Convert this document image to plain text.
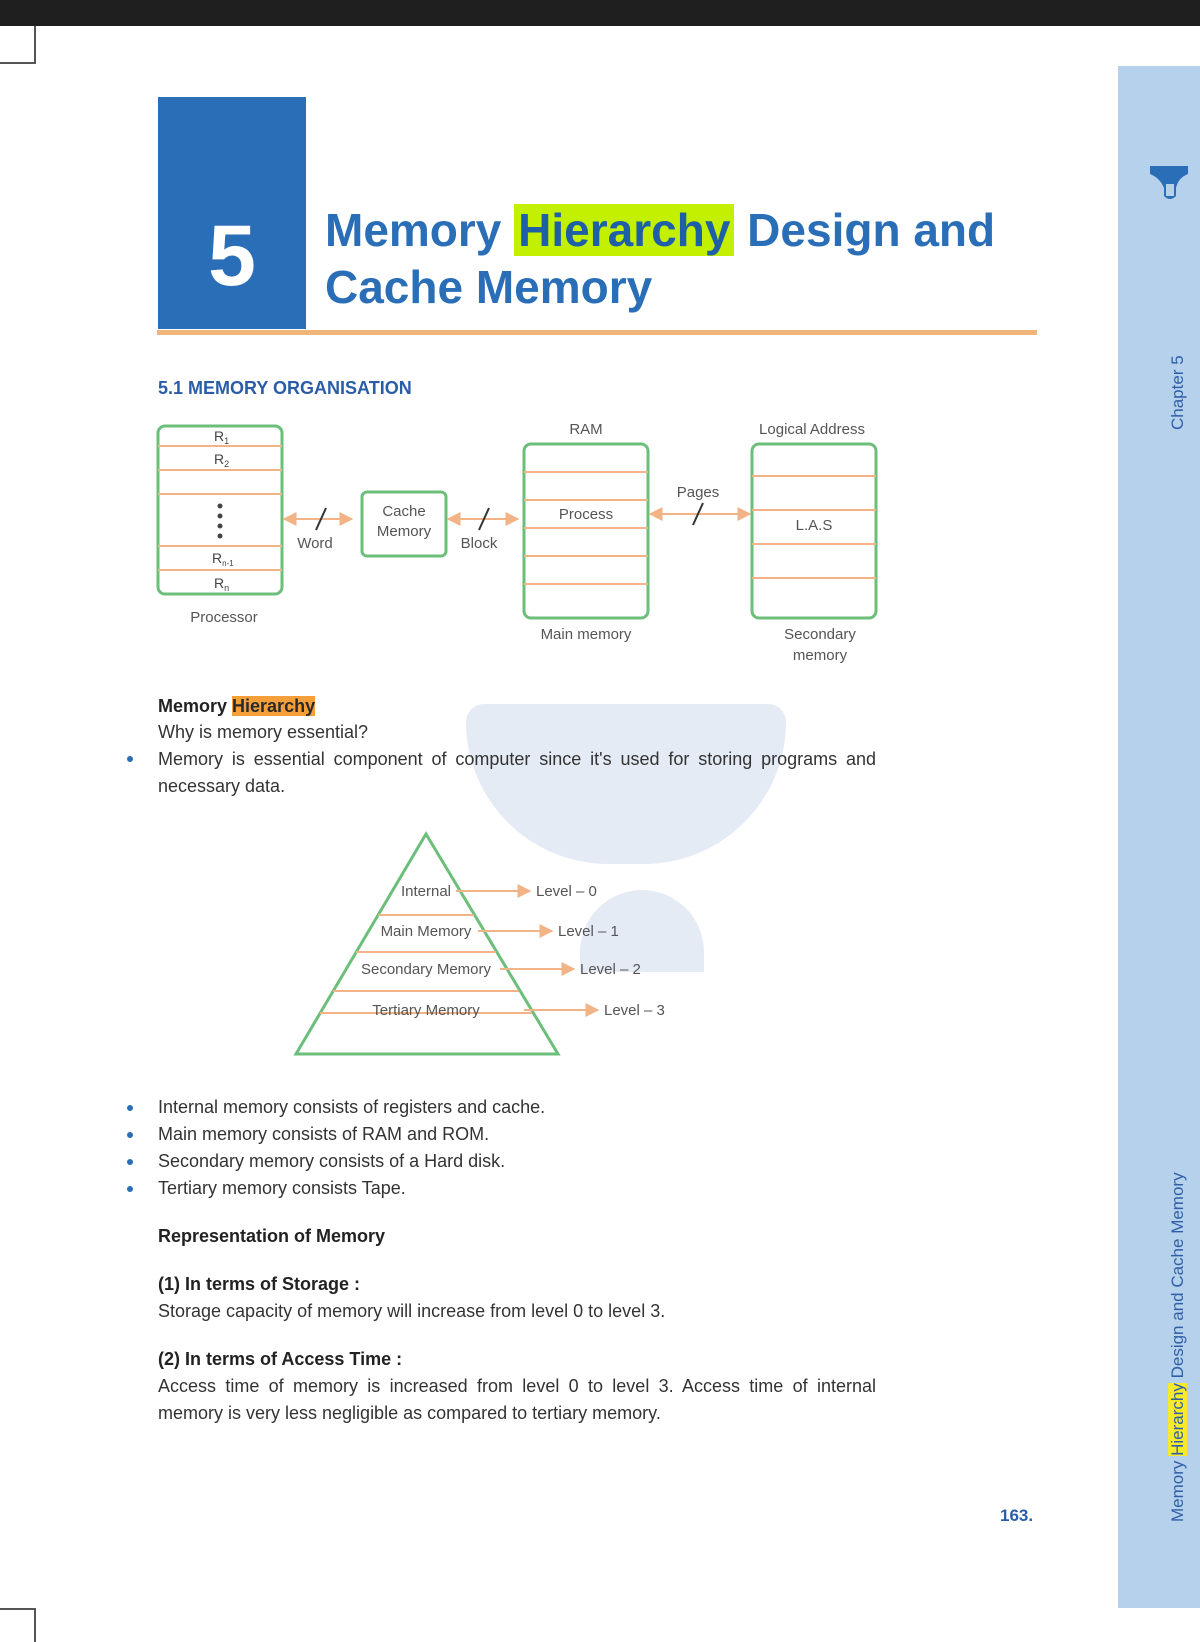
Chapter 5
Memory Hierarchy Design and Cache Memory
5	Memory Hierarchy Design and Cache Memory
5.1 MEMORY ORGANISATION
$R_1$
$R_2$
$R_{n-1}$
$R_n$
Processor
Word
Cache
Memory
Block
RAM
Process
Main memory
Pages
Logical Address
L.A.S
Secondary
memory
Memory Hierarchy
Why is memory essential?
Memory is essential component of computer since it's used for storing programs and necessary data.
Internal	Level – 0
Main Memory	Level – 1
Secondary Memory	Level – 2
Tertiary Memory	Level – 3
Internal memory consists of registers and cache.
Main memory consists of RAM and ROM.
Secondary memory consists of a Hard disk.
Tertiary memory consists Tape.
Representation of Memory
(1) In terms of Storage :
Storage capacity of memory will increase from level 0 to level 3.
(2) In terms of Access Time :
Access time of memory is increased from level 0 to level 3. Access time of internal memory is very less negligible as compared to tertiary memory.
163.
